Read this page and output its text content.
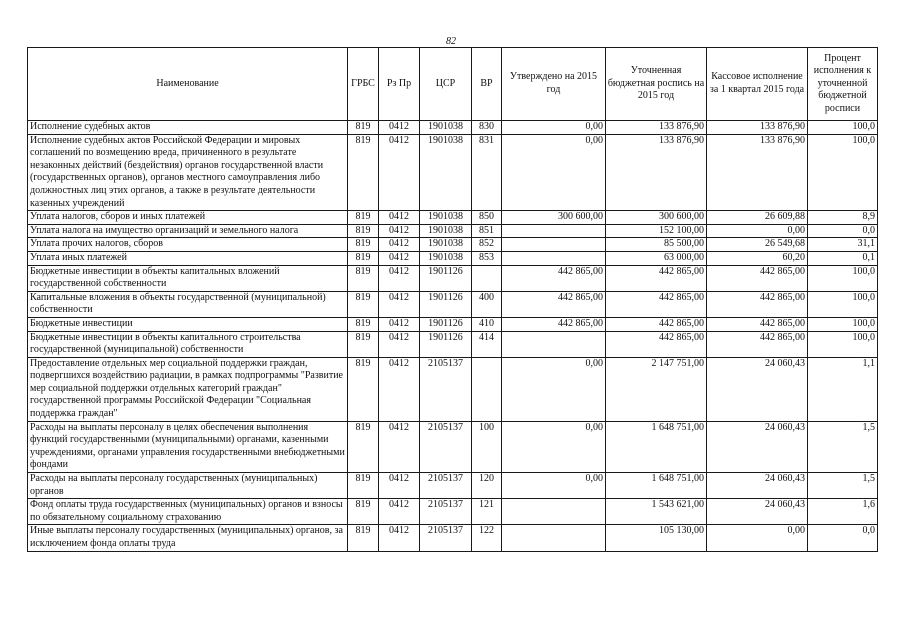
82
Наименование	ГРБС	Рз Пр	ЦСР	ВР	Утверждено на 2015 год	Уточненная бюджетная роспись на 2015 год	Кассовое исполнение за 1 квартал 2015 года	Процент исполнения к уточненной бюджетной росписи
Исполнение судебных актов	819	0412	1901038	830	0,00	133 876,90	133 876,90	100,0
Исполнение судебных актов Российской Федерации и мировых соглашений по возмещению вреда, причиненного в результате незаконных действий (бездействия) органов государственной власти (государственных органов), органов местного самоуправления либо должностных лиц этих органов, а также в результате деятельности казенных учреждений	819	0412	1901038	831	0,00	133 876,90	133 876,90	100,0
Уплата налогов, сборов и иных платежей	819	0412	1901038	850	300 600,00	300 600,00	26 609,88	8,9
Уплата налога на имущество организаций и земельного налога	819	0412	1901038	851		152 100,00	0,00	0,0
Уплата прочих налогов, сборов	819	0412	1901038	852		85 500,00	26 549,68	31,1
Уплата иных платежей	819	0412	1901038	853		63 000,00	60,20	0,1
Бюджетные инвестиции в объекты капитальных вложений государственной собственности	819	0412	1901126		442 865,00	442 865,00	442 865,00	100,0
Капитальные вложения в объекты государственной (муниципальной) собственности	819	0412	1901126	400	442 865,00	442 865,00	442 865,00	100,0
Бюджетные инвестиции	819	0412	1901126	410	442 865,00	442 865,00	442 865,00	100,0
Бюджетные инвестиции в объекты капитального строительства государственной (муниципальной) собственности	819	0412	1901126	414		442 865,00	442 865,00	100,0
Предоставление отдельных мер социальной поддержки граждан, подвергшихся воздействию радиации, в рамках подпрограммы "Развитие мер социальной поддержки отдельных категорий граждан" государственной программы Российской Федерации "Социальная поддержка граждан"	819	0412	2105137		0,00	2 147 751,00	24 060,43	1,1
Расходы на выплаты персоналу в целях обеспечения выполнения функций государственными (муниципальными) органами, казенными учреждениями, органами управления государственными внебюджетными фондами	819	0412	2105137	100	0,00	1 648 751,00	24 060,43	1,5
Расходы на выплаты персоналу государственных (муниципальных) органов	819	0412	2105137	120	0,00	1 648 751,00	24 060,43	1,5
Фонд оплаты труда государственных (муниципальных) органов и взносы по обязательному социальному страхованию	819	0412	2105137	121		1 543 621,00	24 060,43	1,6
Иные выплаты персоналу государственных (муниципальных) органов, за исключением фонда оплаты труда	819	0412	2105137	122		105 130,00	0,00	0,0
